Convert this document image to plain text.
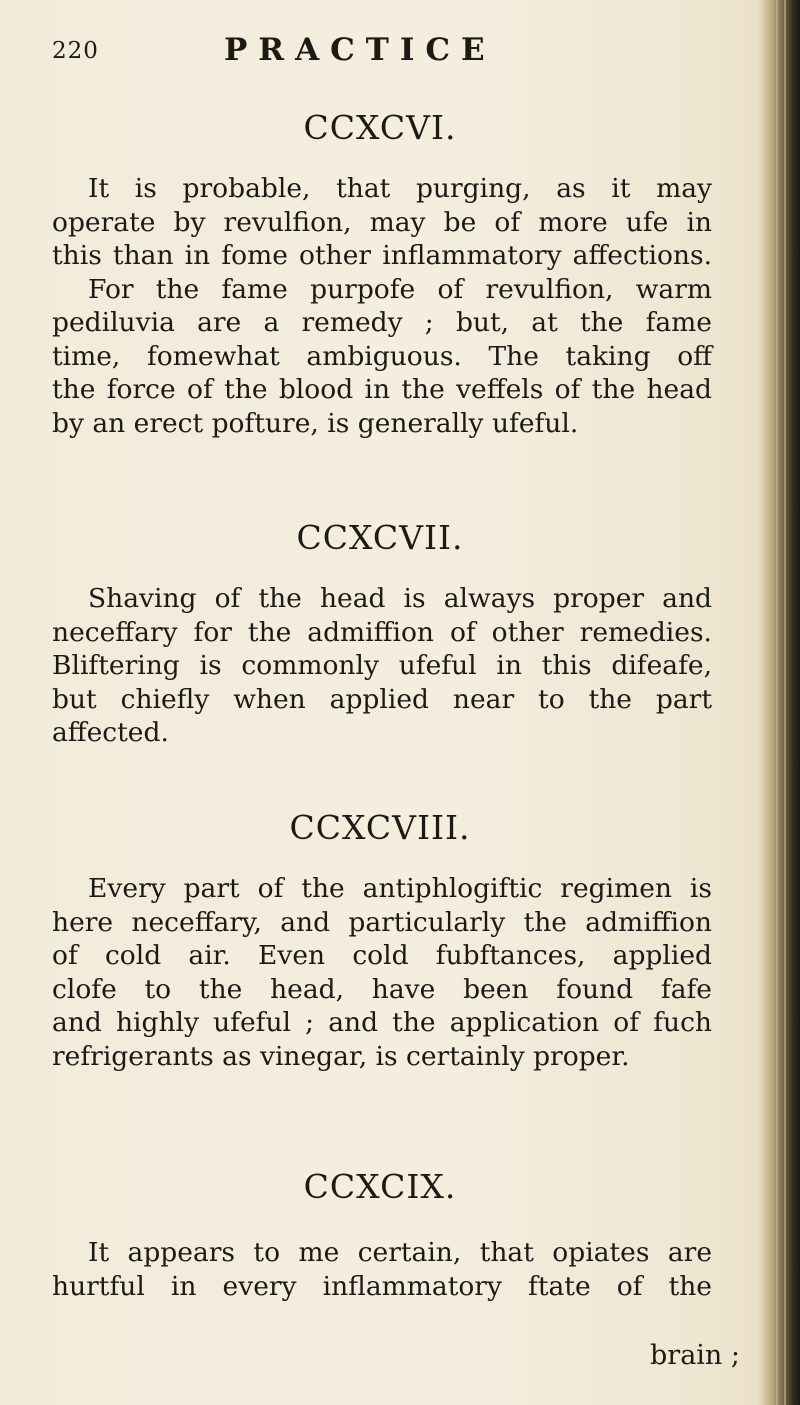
220	PRACTICE
CCXCVI.
It is probable, that purging, as it may
operate by revulfion, may be of more ufe in
this than in fome other inflammatory affections.
For the fame purpofe of revulfion, warm
pediluvia are a remedy ; but, at the fame
time, fomewhat ambiguous. The taking off
the force of the blood in the veffels of the head
by an erect pofture, is generally ufeful.
CCXCVII.
Shaving of the head is always proper and
neceffary for the admiffion of other remedies.
Bliftering is commonly ufeful in this difeafe,
but chiefly when applied near to the part
affected.
CCXCVIII.
Every part of the antiphlogiftic regimen is
here neceffary, and particularly the admiffion
of cold air. Even cold fubftances, applied
clofe to the head, have been found fafe
and highly ufeful ; and the application of fuch
refrigerants as vinegar, is certainly proper.
CCXCIX.
It appears to me certain, that opiates are
hurtful in every inflammatory ftate of the
brain ;
